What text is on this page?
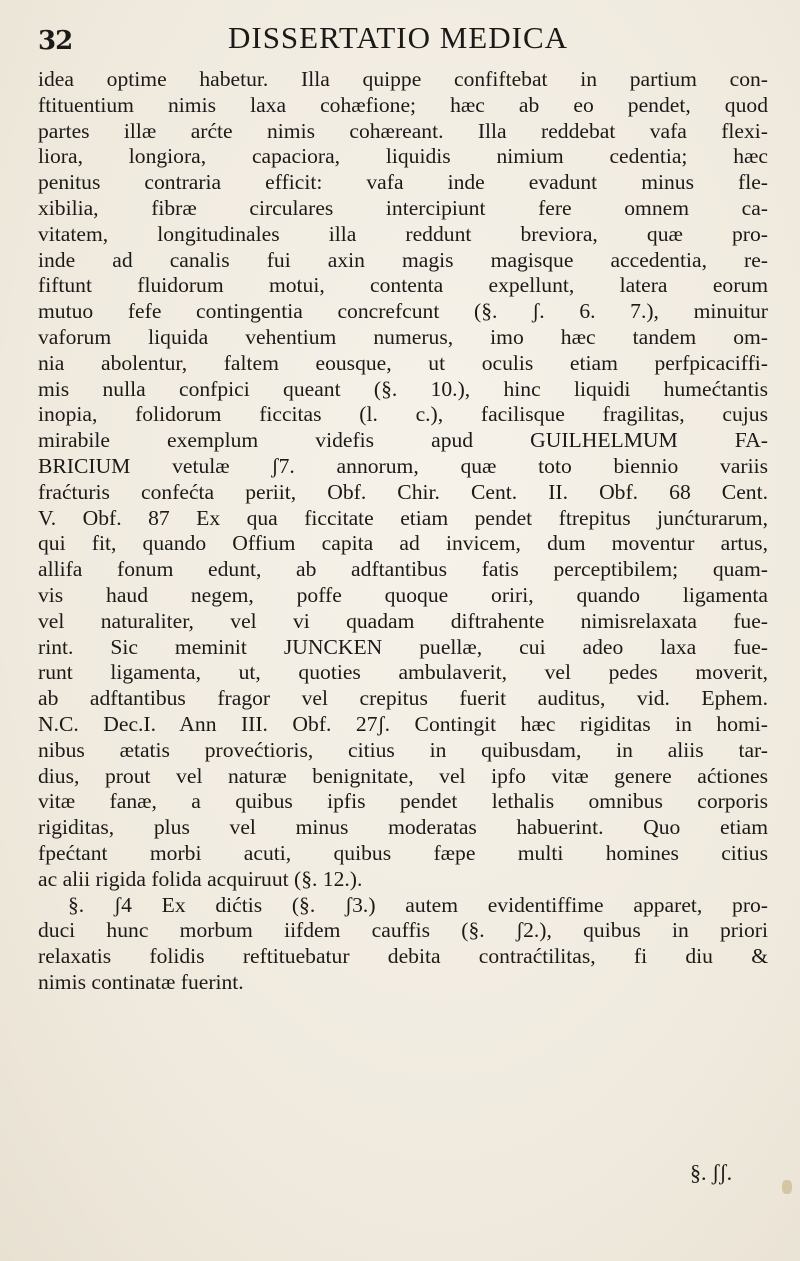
32	DISSERTATIO MEDICA
idea optime habetur. Illa quippe confiftebat in partium con-
ftituentium nimis laxa cohæfione; hæc ab eo pendet, quod
partes illæ arćte nimis cohæreant. Illa reddebat vafa flexi-
liora, longiora, capaciora, liquidis nimium cedentia; hæc
penitus contraria efficit: vafa inde evadunt minus fle-
xibilia, fibræ circulares intercipiunt fere omnem ca-
vitatem, longitudinales illa reddunt breviora, quæ pro-
inde ad canalis fui axin magis magisque accedentia, re-
fiftunt fluidorum motui, contenta expellunt, latera eorum
mutuo fefe contingentia concrefcunt (§. ʃ. 6. 7.), minuitur
vaforum liquida vehentium numerus, imo hæc tandem om-
nia abolentur, faltem eousque, ut oculis etiam perfpicaciffi-
mis nulla confpici queant (§. 10.), hinc liquidi humećtantis
inopia, folidorum ficcitas (l. c.), facilisque fragilitas, cujus
mirabile exemplum videfis apud GUILHELMUM FA-
BRICIUM vetulæ ʃ7. annorum, quæ toto biennio variis
fraćturis confećta periit, Obf. Chir. Cent. II. Obf. 68 Cent.
V. Obf. 87 Ex qua ficcitate etiam pendet ftrepitus junćturarum,
qui fit, quando Offium capita ad invicem, dum moventur artus,
allifa fonum edunt, ab adftantibus fatis perceptibilem; quam-
vis haud negem, poffe quoque oriri, quando ligamenta
vel naturaliter, vel vi quadam diftrahente nimisrelaxata fue-
rint. Sic meminit JUNCKEN puellæ, cui adeo laxa fue-
runt ligamenta, ut, quoties ambulaverit, vel pedes moverit,
ab adftantibus fragor vel crepitus fuerit auditus, vid. Ephem.
N.C. Dec.I. Ann III. Obf. 27ʃ. Contingit hæc rigiditas in homi-
nibus ætatis provećtioris, citius in quibusdam, in aliis tar-
dius, prout vel naturæ benignitate, vel ipfo vitæ genere aćtiones
vitæ fanæ, a quibus ipfis pendet lethalis omnibus corporis
rigiditas, plus vel minus moderatas habuerint. Quo etiam
fpećtant morbi acuti, quibus fæpe multi homines citius
ac alii rigida folida acquiruut (§. 12.).
§. ʃ4 Ex dićtis (§. ʃ3.) autem evidentiffime apparet, pro-
duci hunc morbum iifdem cauffis (§. ʃ2.), quibus in priori
relaxatis folidis reftituebatur debita contraćtilitas, fi diu &
nimis continatæ fuerint.
§. ʃʃ.
